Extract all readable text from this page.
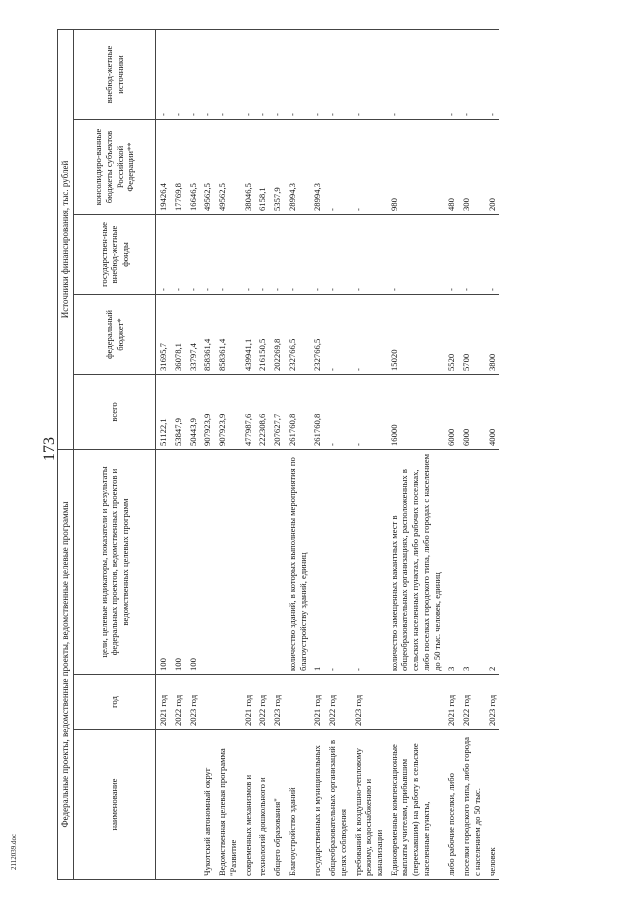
173
2112039.doc
Федеральные проекты, ведомственные проекты, ведомственные целевые программы			Источники финансирования, тыс. рублей				
наименование	год	цели, целевые индикаторы, показатели и результаты федеральных проектов, ведомственных проектов и ведомственных целевых программ	всего	федеральный бюджет*	государствен-ные внебюд-жетные фонды	консолидиро-ванные бюджеты субъектов Российской Федерации**	внебюд-жетные источники
	2021 год	100	51122,1	31695,7	-	19426,4	-
	2022 год	100	53847,9	36078,1	-	17769,8	-
	2023 год	100	50443,9	33797,4	-	16646,5	-
Чукотский автономный округ			907923,9	858361,4	-	49562,5	-
Ведомственная целевая программа "Развитие			907923,9	858361,4	-	49562,5	-
современных механизмов и	2021 год		477987,6	439941,1	-	38046,5	-
технологий дошкольного и	2022 год		222308,6	216150,5	-	6158,1	-
общего образования"	2023 год		207627,7	202269,8	-	5357,9	-
Благоустройство зданий		количество зданий, в которых выполнены мероприятия по благоустройству зданий, единиц	261760,8	232766,5	-	28994,3	-
государственных и муниципальных	2021 год	1	261760,8	232766,5	-	28994,3	-
общеобразовательных организаций в целях соблюдения	2022 год	-	-	-	-	-	-
требований к воздушно-тепловому режиму, водоснабжению и канализации	2023 год	-	-	-	-	-	-
Единовременные компенсационные выплаты учителям, прибывшим (переехавшим) на работу в сельские населенные пункты,		количество замещенных вакантных мест в общеобразовательных организациях, расположенных в сельских населенных пунктах, либо рабочих поселках, либо поселках городского типа, либо городах с населением до 50 тыс. человек, единиц	16000	15020	-	980	-
либо рабочие поселки, либо	2021 год	3	6000	5520	-	480	-
поселки городского типа, либо города с населением до 50 тыс.	2022 год	3	6000	5700	-	300	-
человек	2023 год	2	4000	3800	-	200	-
